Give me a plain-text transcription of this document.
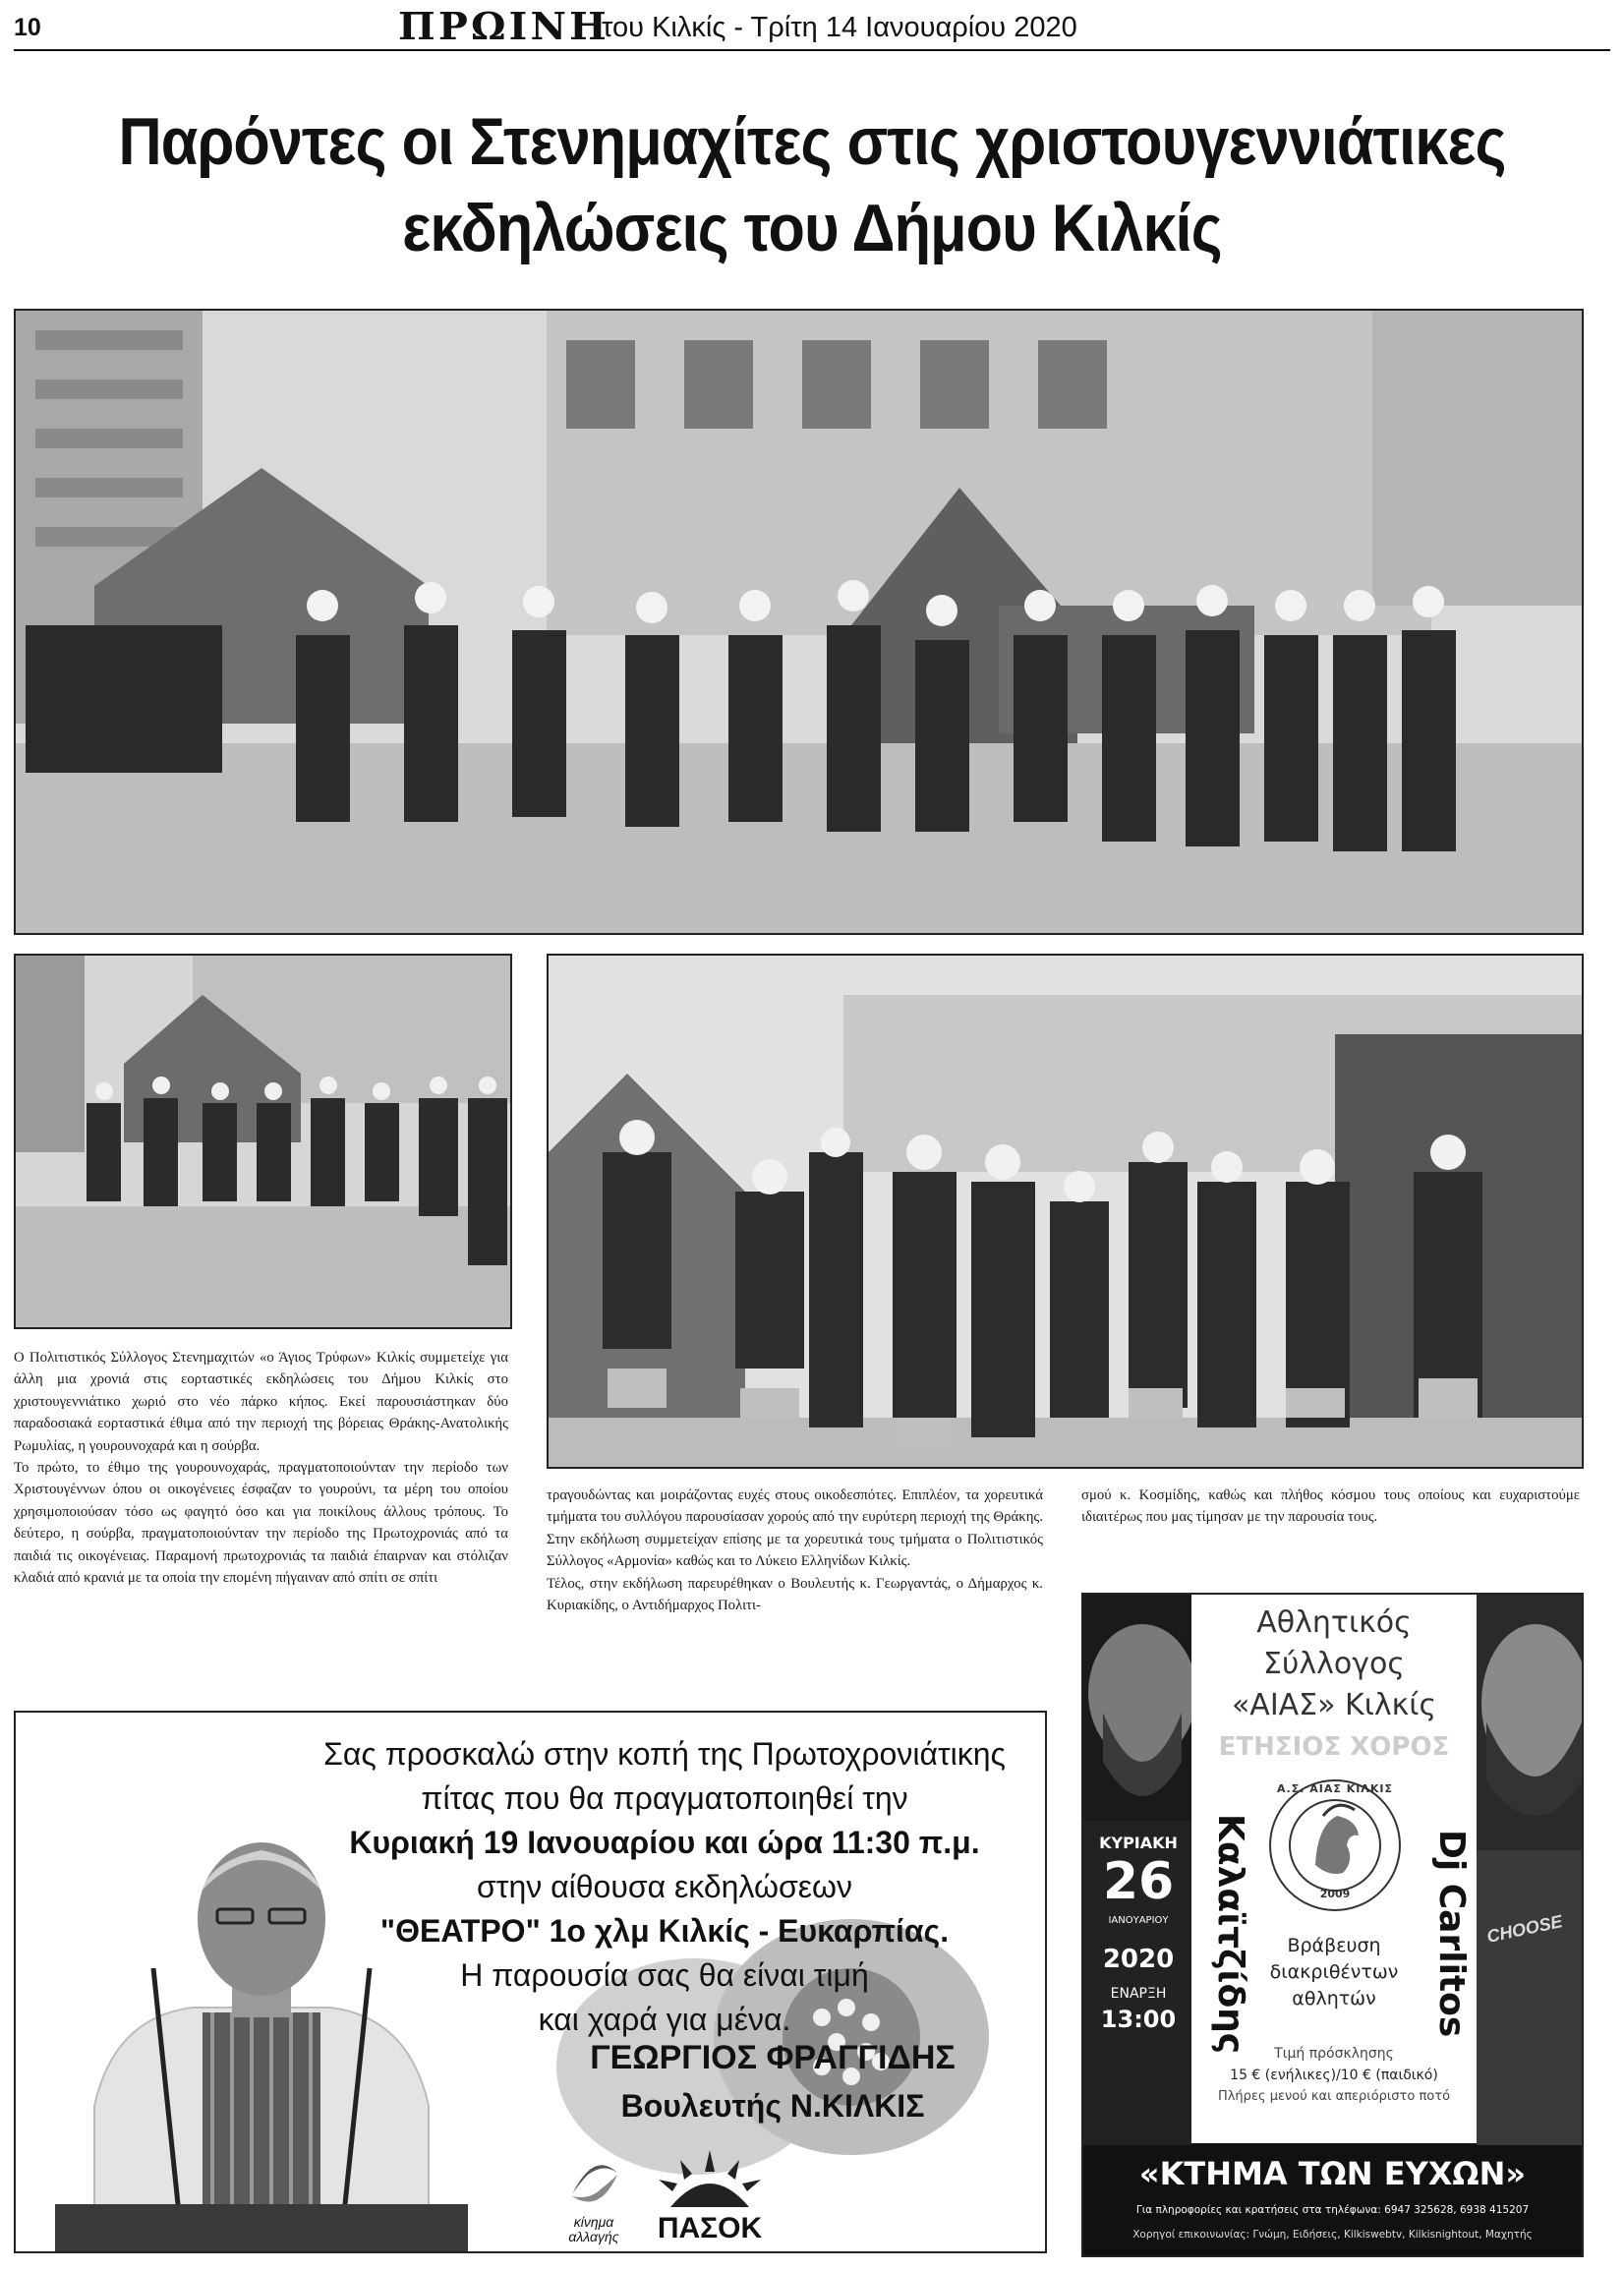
10	ΠΡΩΙΝΗ
του Κιλκίς - Τρίτη 14 Ιανουαρίου 2020
Παρόντες οι Στενημαχίτες στις χριστουγεννιάτικες
εκδηλώσεις του Δήμου Κιλκίς

Ο Πολιτιστικός Σύλλογος Στενημαχιτών «ο Άγιος Τρύφων» Κιλκίς συμμετείχε για άλλη μια χρονιά στις εορταστικές εκδηλώσεις του Δήμου Κιλκίς στο χριστουγεννιάτικο χωριό στο νέο πάρκο κήπος. Εκεί παρουσιάστηκαν δύο παραδοσιακά εορταστικά έθιμα από την περιοχή της βόρειας Θράκης-Ανατολικής Ρωμυλίας, η γουρουνοχαρά και η σούρβα.

Το πρώτο, το έθιμο της γουρουνοχαράς, πραγματοποιούνταν την περίοδο των Χριστουγέννων όπου οι οικογένειες έσφαζαν το γουρούνι, τα μέρη του οποίου χρησιμοποιούσαν τόσο ως φαγητό όσο και για ποικίλους άλλους τρόπους. Το δεύτερο, η σούρβα, πραγματοποιούνταν την περίοδο της Πρωτοχρονιάς από τα παιδιά τις οικογένειας. Παραμονή πρωτοχρονιάς τα παιδιά έπαιρναν και στόλιζαν κλαδιά από κρανιά με τα οποία την επομένη πήγαιναν από σπίτι σε σπίτι

τραγουδώντας και μοιράζοντας ευχές στους οικοδεσπότες. Επιπλέον, τα χορευτικά τμήματα του συλλόγου παρουσίασαν χορούς από την ευρύτερη περιοχή της Θράκης. Στην εκδήλωση συμμετείχαν επίσης με τα χορευτικά τους τμήματα ο Πολιτιστικός Σύλλογος «Αρμονία» καθώς και το Λύκειο Ελληνίδων Κιλκίς.

Τέλος, στην εκδήλωση παρευρέθηκαν ο Βουλευτής κ. Γεωργαντάς, ο Δήμαρχος κ. Κυριακίδης, ο Αντιδήμαρχος Πολιτι-

σμού κ. Κοσμίδης, καθώς και πλήθος κόσμου τους οποίους και ευχαριστούμε ιδιαιτέρως που μας τίμησαν με την παρουσία τους.

Σας προσκαλώ στην κοπή της Πρωτοχρονιάτικης
πίτας που θα πραγματοποιηθεί την
Κυριακή 19 Ιανουαρίου και ώρα 11:30 π.μ.
στην αίθουσα εκδηλώσεων
"ΘΕΑΤΡΟ" 1ο χλμ Κιλκίς - Ευκαρπίας.
Η παρουσία σας θα είναι τιμή
και χαρά για μένα.
ΓΕΩΡΓΙΟΣ ΦΡΑΓΓΙΔΗΣ
Βουλευτής Ν.ΚΙΛΚΙΣ
κίνημα
αλλαγής	ΠΑΣΟΚ
CHOOSE
Αθλητικός
Σύλλογος
«ΑΙΑΣ» Κιλκίς
ΕΤΗΣΙΟΣ ΧΟΡΟΣ
ΚΥΡΙΑΚΗ
26
ΙΑΝΟΥΑΡΙΟΥ
2020
ΕΝΑΡΞΗ
13:00 Καλαϊτζίδης	Dj Carlitos
Α.Σ. ΑΙΑΣ ΚΙΛΚΙΣ
2009
Βράβευση
διακριθέντων
αθλητών
Τιμή πρόσκλησης
15 € (ενήλικες)/10 € (παιδικό)
Πλήρες μενού και απεριόριστο ποτό
«ΚΤΗΜΑ ΤΩΝ ΕΥΧΩΝ»
Για πληροφορίες και κρατήσεις στα τηλέφωνα: 6947 325628, 6938 415207
Χορηγοί επικοινωνίας: Γνώμη, Ειδήσεις, Kilkiswebtv, Kilkisnightout, Μαχητής
